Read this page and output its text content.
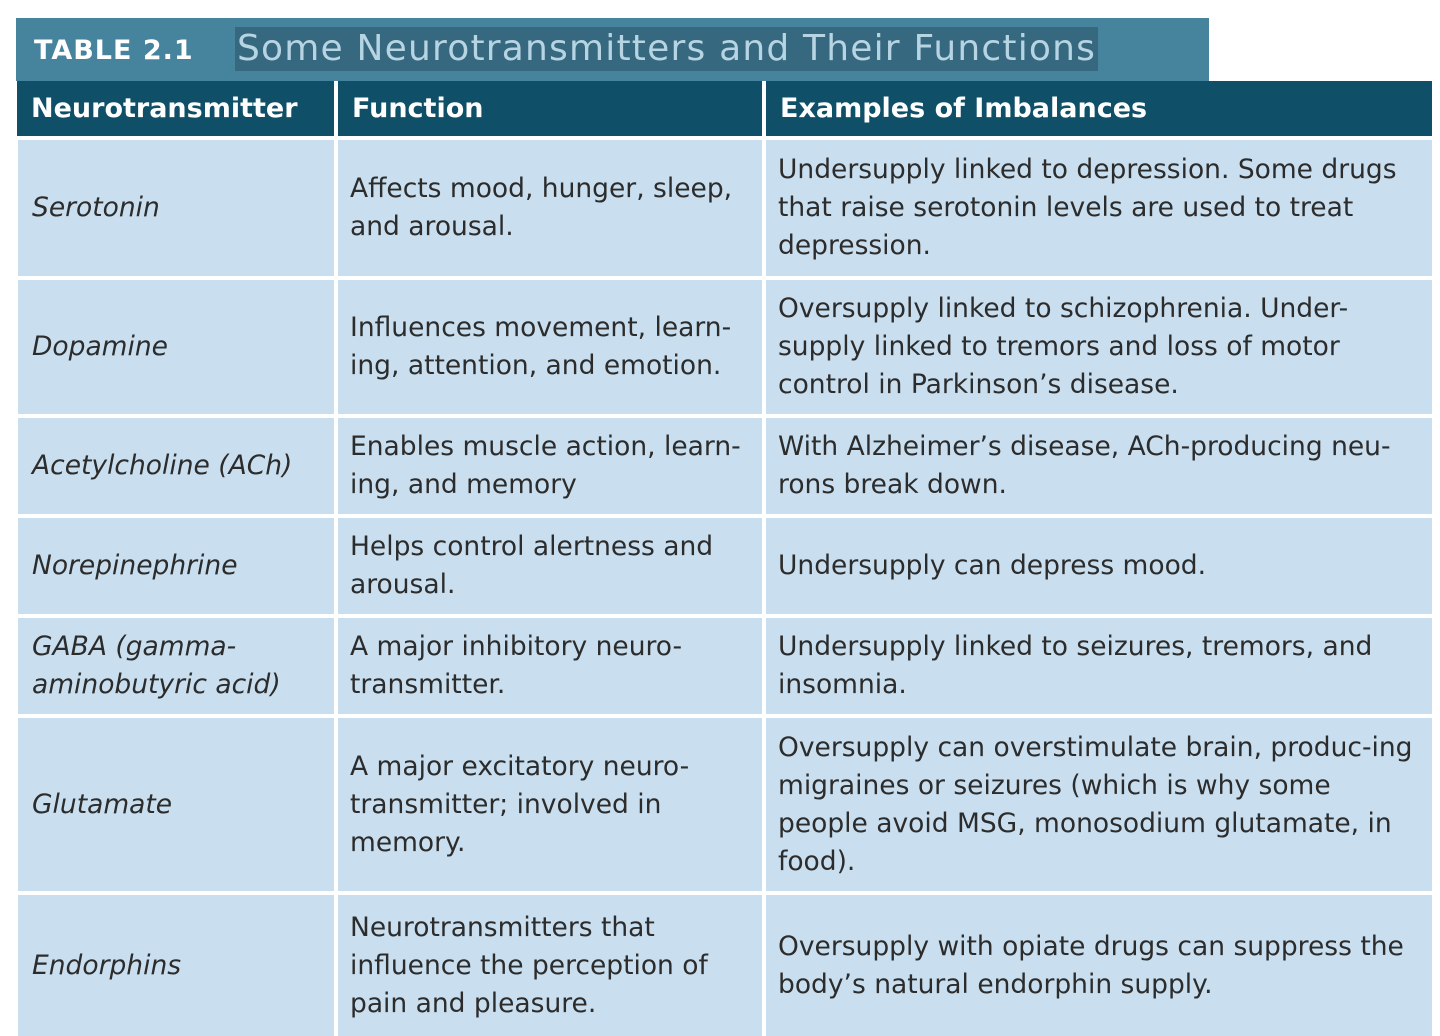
TABLE 2.1 Some Neurotransmitters and Their Functions
Neurotransmitter	Function	Examples of Imbalances
Serotonin	Affects mood, hunger, sleep, and arousal.	Undersupply linked to depression. Some drugs that raise serotonin levels are used to treat depression.
Dopamine	Influences movement, learn-ing, attention, and emotion.	Oversupply linked to schizophrenia. Under-supply linked to tremors and loss of motor control in Parkinson’s disease.
Acetylcholine (ACh)	Enables muscle action, learn-ing, and memory	With Alzheimer’s disease, ACh-producing neu-rons break down.
Norepinephrine	Helps control alertness and arousal.	Undersupply can depress mood.
GABA (gamma-aminobutyric acid)	A major inhibitory neuro-transmitter.	Undersupply linked to seizures, tremors, and insomnia.
Glutamate	A major excitatory neuro-transmitter; involved in memory.	Oversupply can overstimulate brain, produc-ing migraines or seizures (which is why some people avoid MSG, monosodium glutamate, in food).
Endorphins	Neurotransmitters that influence the perception of pain and pleasure.	Oversupply with opiate drugs can suppress the body’s natural endorphin supply.
